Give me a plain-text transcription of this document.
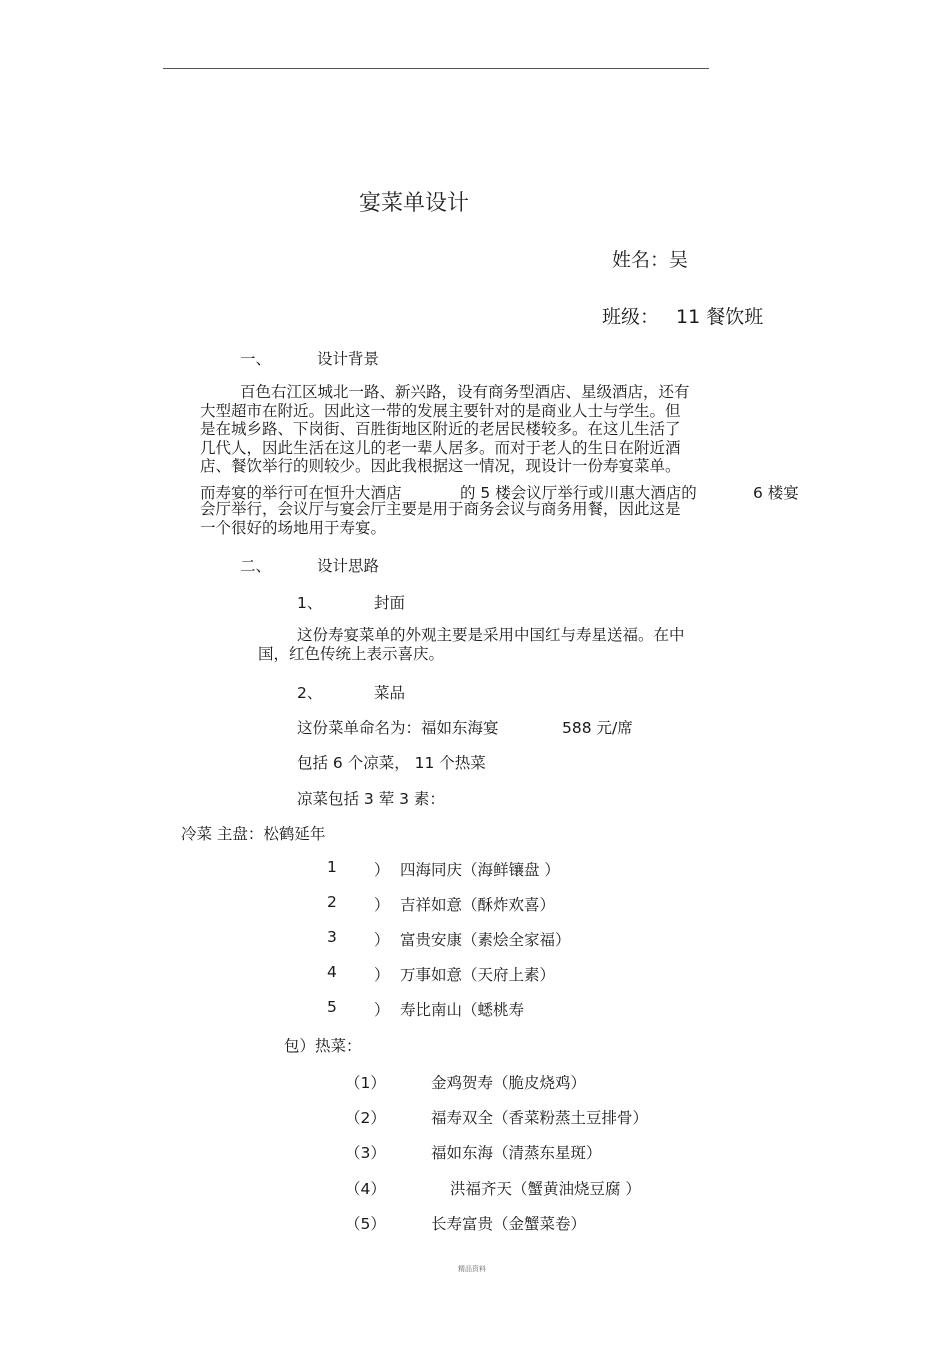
宴菜单设计
姓名：吴
班级： 11 餐饮班
一、	设计背景
百色右江区城北一路、新兴路，设有商务型酒店、星级酒店，还有
大型超市在附近。因此这一带的发展主要针对的是商业人士与学生。但
是在城乡路、下岗街、百胜街地区附近的老居民楼较多。在这儿生活了
几代人，因此生活在这儿的老一辈人居多。而对于老人的生日在附近酒
店、餐饮举行的则较少。因此我根据这一情况，现设计一份寿宴菜单。
而寿宴的举行可在恒升大酒店	的 5 楼会议厅举行或川惠大酒店的	6 楼宴
会厅举行，会议厅与宴会厅主要是用于商务会议与商务用餐，因此这是
一个很好的场地用于寿宴。
二、	设计思路
1、	封面
这份寿宴菜单的外观主要是采用中国红与寿星送福。在中
国，红色传统上表示喜庆。
2、	菜品
这份菜单命名为：福如东海宴	588 元/席
包括 6 个凉菜， 11 个热菜
凉菜包括 3 荤 3 素：
冷菜 主盘：松鹤延年
1 ） 四海同庆（海鲜镶盘 ）
2 ） 吉祥如意（酥炸欢喜）
3 ） 富贵安康（素烩全家福）
4 ） 万事如意（天府上素）
5 ） 寿比南山（蟋桃寿
包）热菜：
（1）	金鸡贺寿（脆皮烧鸡）
（2）	福寿双全（香菜粉蒸土豆排骨）
（3）	福如东海（清蒸东星斑）
（4）	洪福齐天（蟹黄油烧豆腐 ）
（5）	长寿富贵（金蟹菜卷）
精品资料
